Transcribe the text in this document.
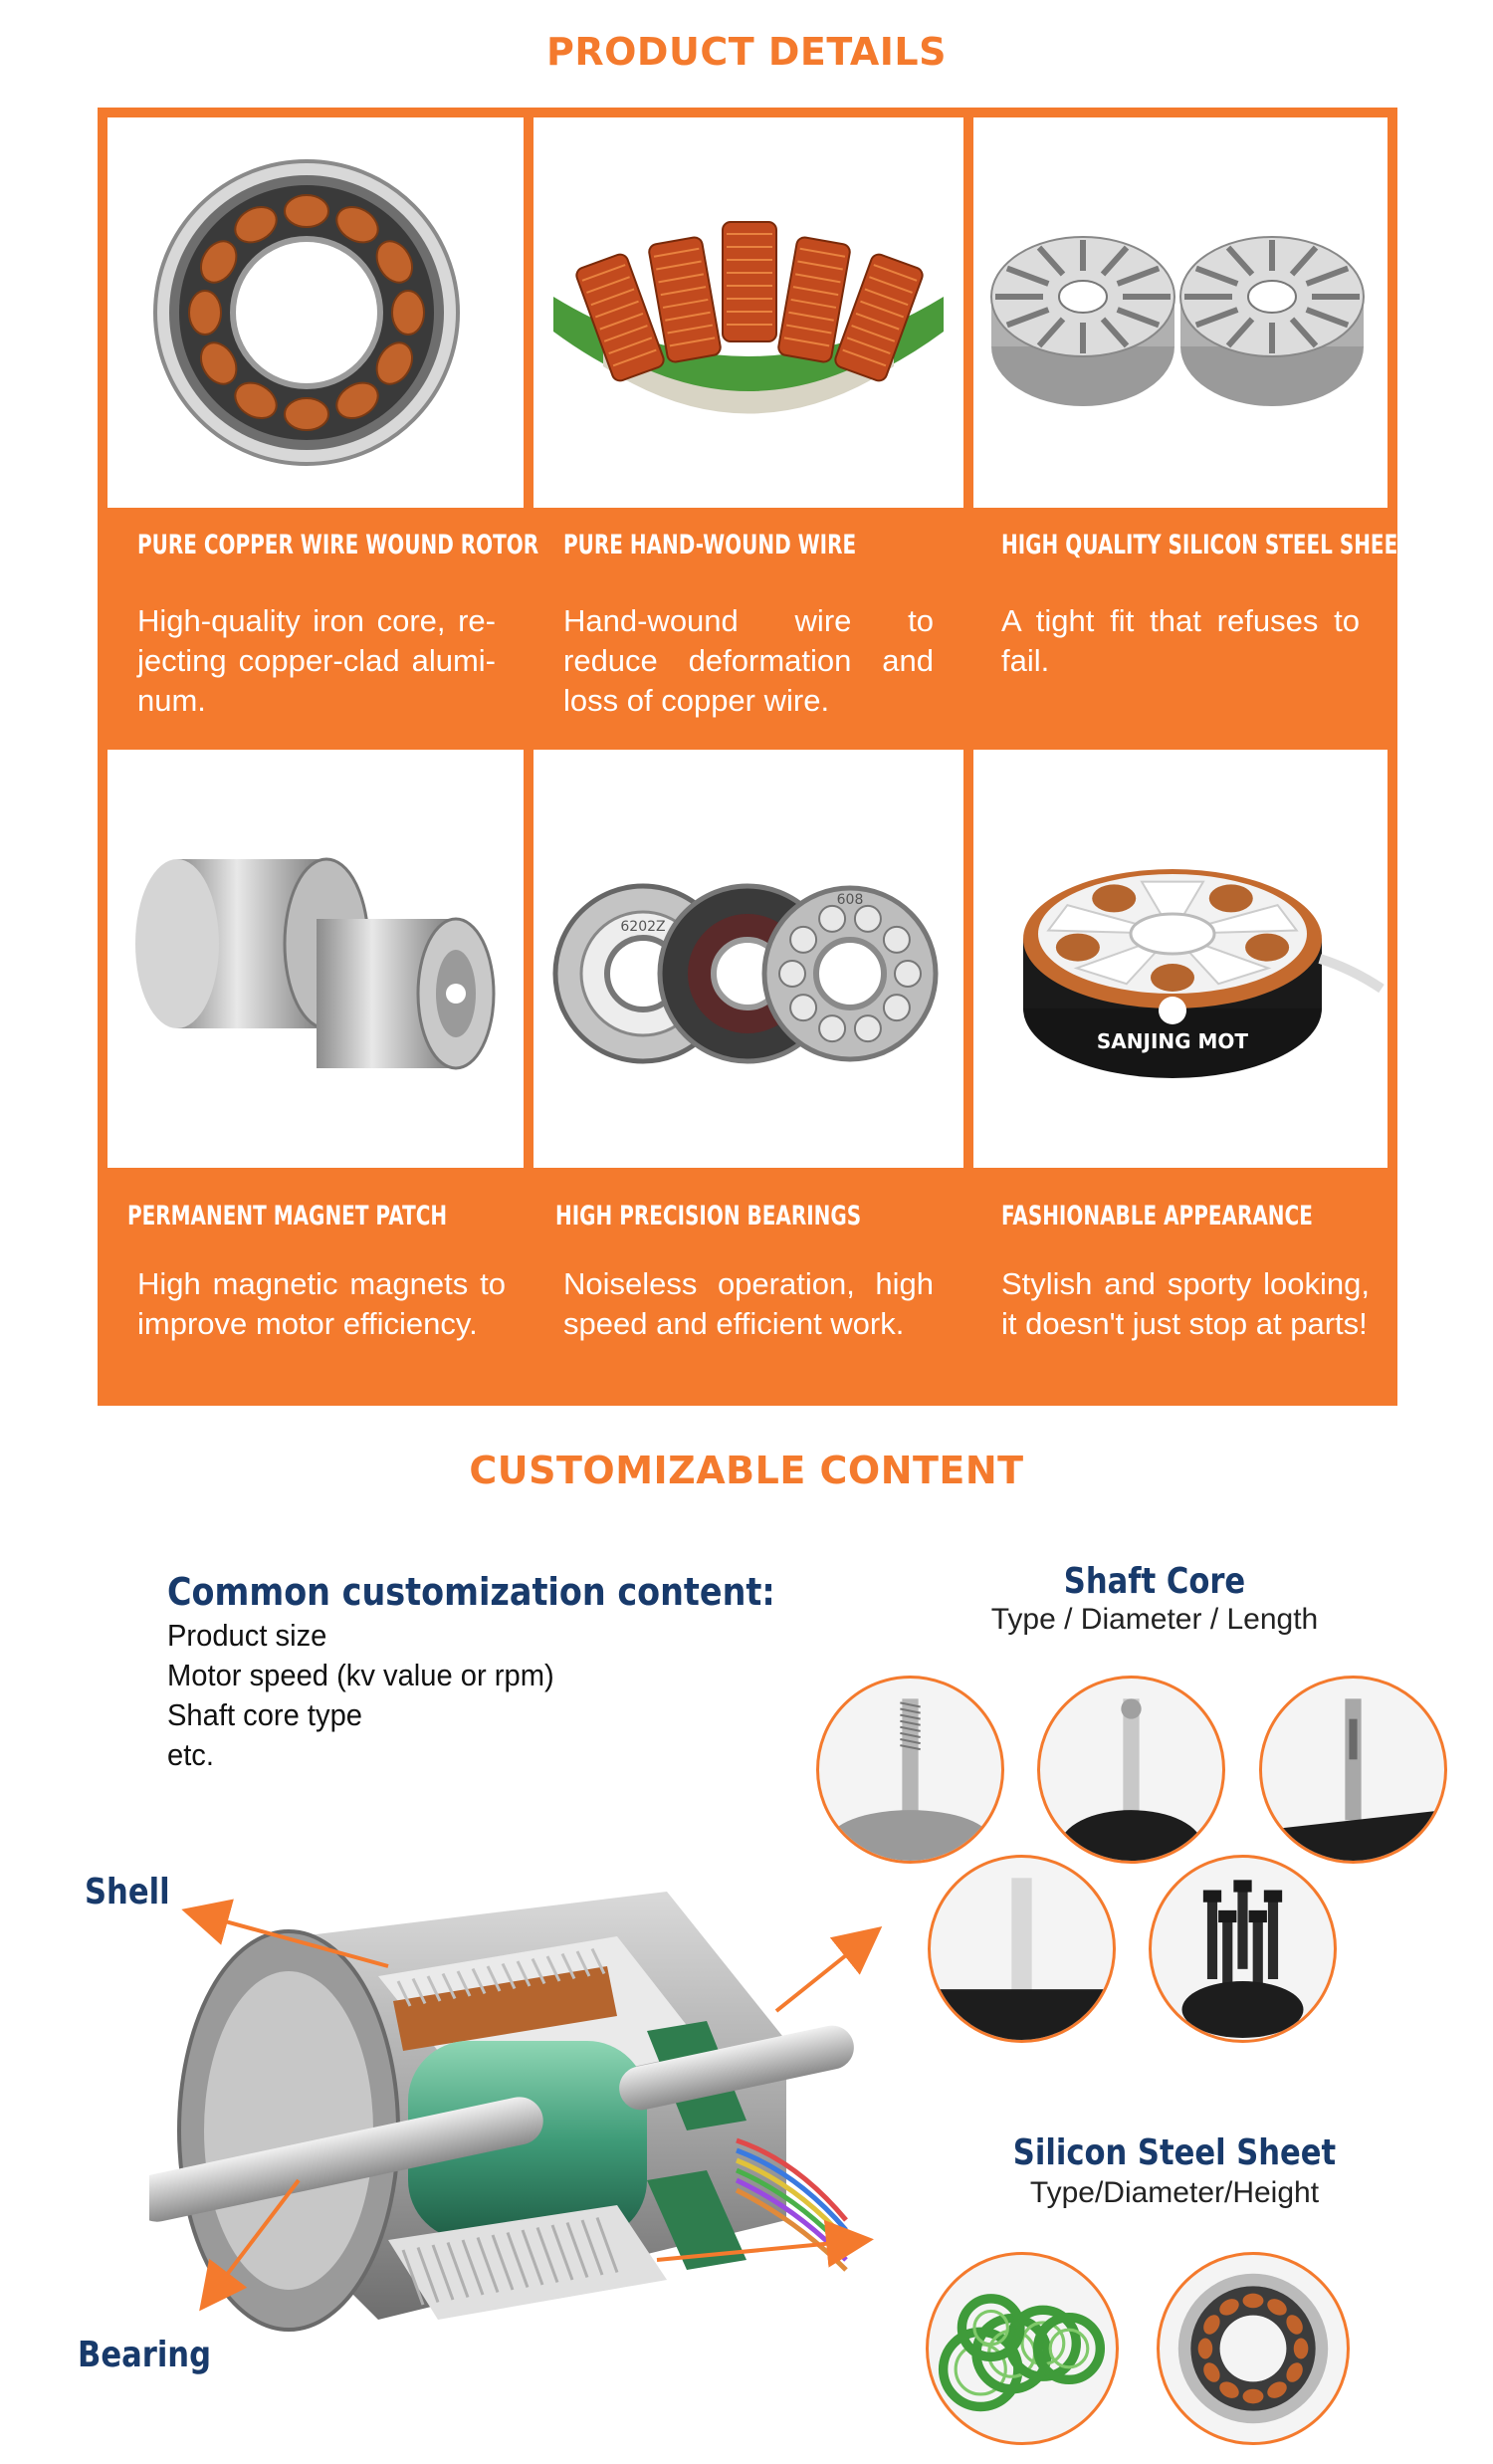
PRODUCT DETAILS
PURE COPPER WIRE WOUND ROTOR
High-quality iron core, re-jecting copper-clad alumi-num.
PURE HAND-WOUND WIRE
Hand-wound wire to reduce deformation and loss of copper wire.
HIGH QUALITY SILICON STEEL SHEET
A tight fit that refuses to fail.
PERMANENT MAGNET PATCH
High magnetic magnets to improve motor efficiency.
6202Z
608
HIGH PRECISION BEARINGS
Noiseless operation, high speed and efficient work.
SANJING MOT
FASHIONABLE APPEARANCE
Stylish and sporty looking, it doesn't just stop at parts!
CUSTOMIZABLE CONTENT
Common customization content:
Product size
Motor speed (kv value or rpm)
Shaft core type
etc.
Shaft Core
Type / Diameter / Length
Silicon Steel Sheet
Type/Diameter/Height
Shell
Bearing
